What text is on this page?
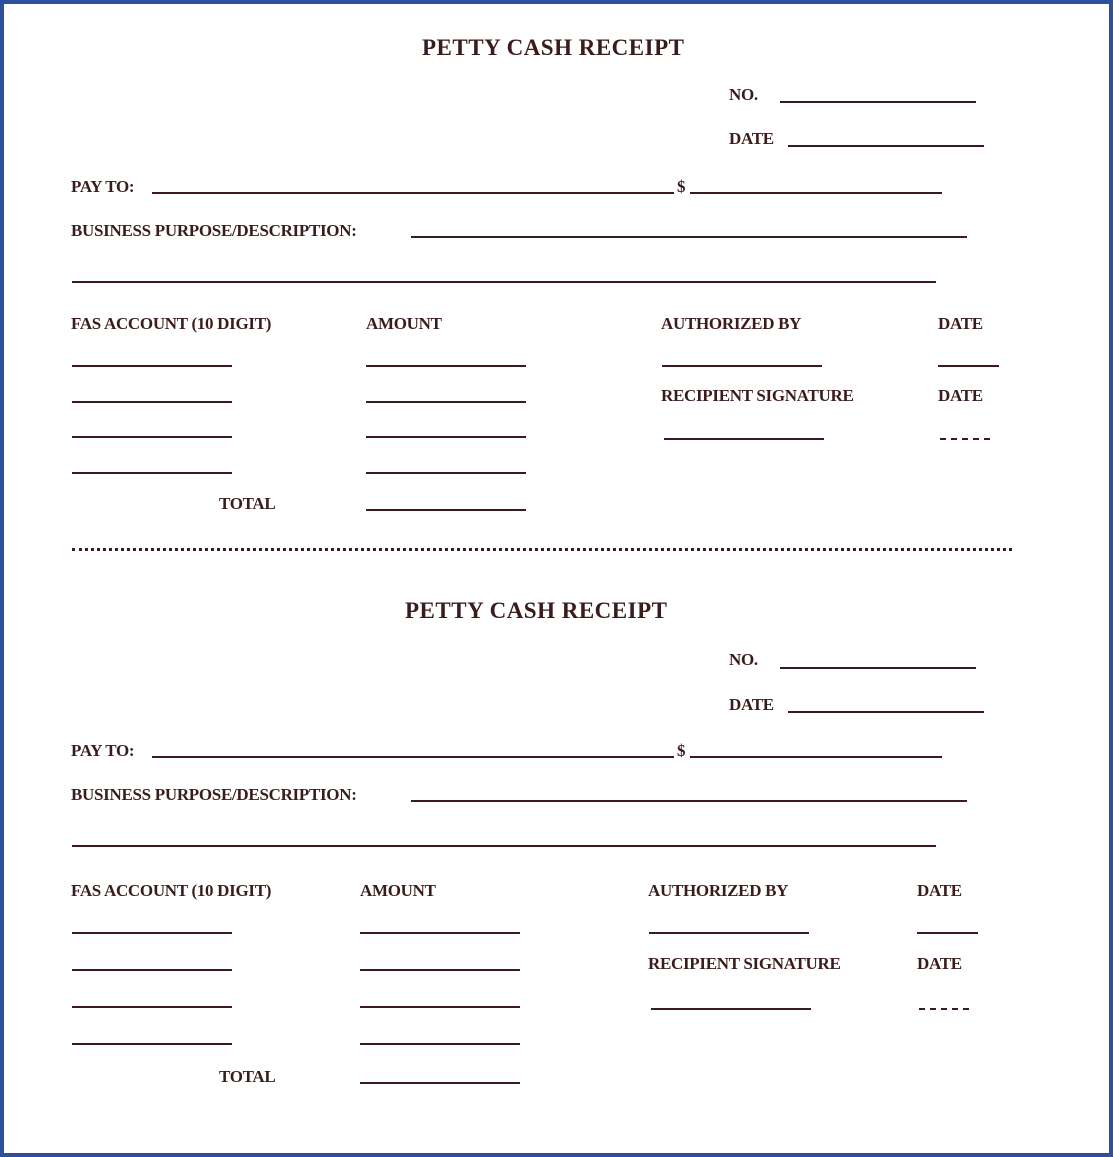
PETTY CASH RECEIPT
NO.
DATE
PAY TO:	$
BUSINESS PURPOSE/DESCRIPTION:
FAS ACCOUNT (10 DIGIT)	AMOUNT	AUTHORIZED BY	DATE
TOTAL
RECIPIENT SIGNATURE	DATE
PETTY CASH RECEIPT
NO.
DATE
PAY TO:	$
BUSINESS PURPOSE/DESCRIPTION:
FAS ACCOUNT (10 DIGIT)	AMOUNT	AUTHORIZED BY	DATE
TOTAL
RECIPIENT SIGNATURE	DATE
